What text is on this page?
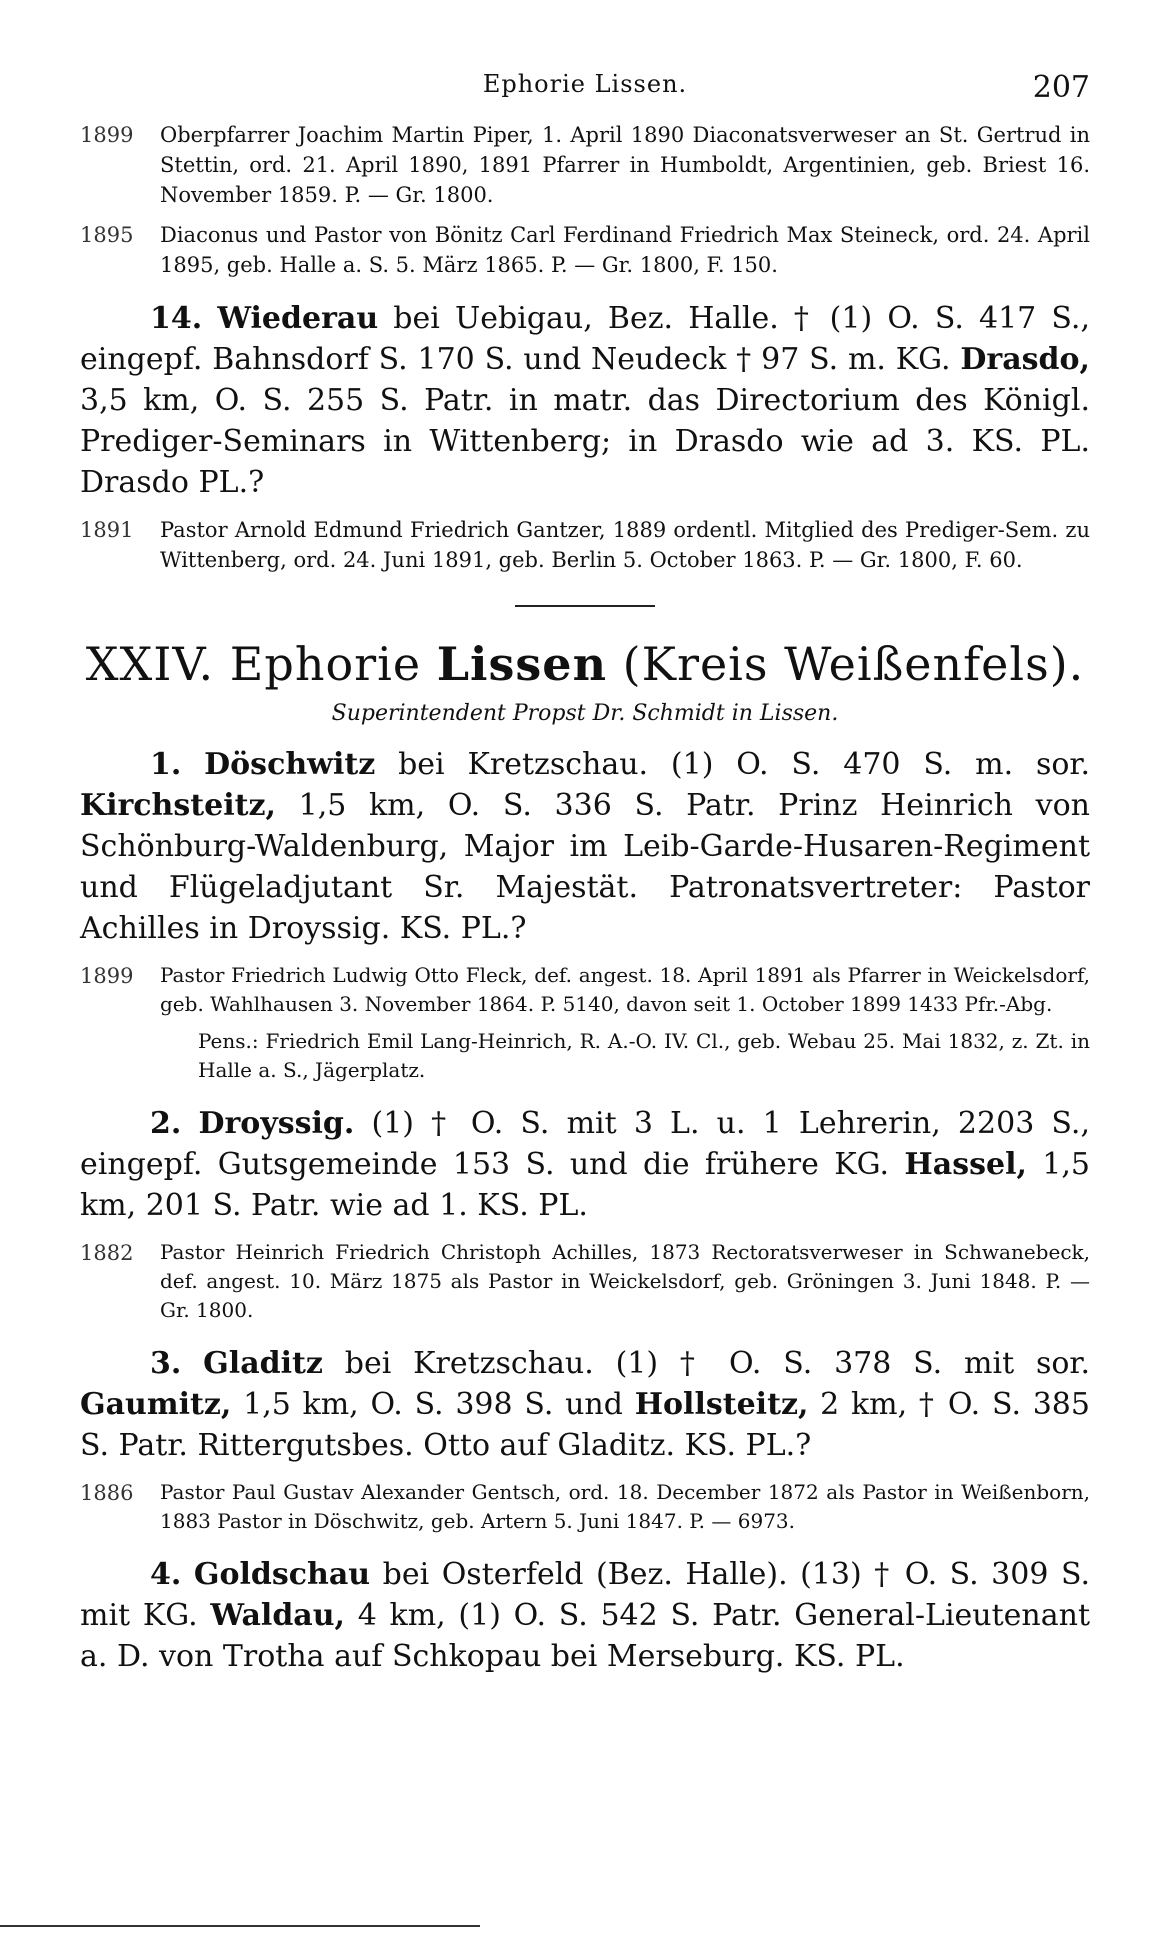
Ephorie Lissen.	207
1899	Oberpfarrer Joachim Martin Piper, 1. April 1890 Diaconatsverweser an St. Gertrud in Stettin, ord. 21. April 1890, 1891 Pfarrer in Humboldt, Argentinien, geb. Briest 16. November 1859. P. — Gr. 1800.
1895	Diaconus und Pastor von Bönitz Carl Ferdinand Friedrich Max Steineck, ord. 24. April 1895, geb. Halle a. S. 5. März 1865. P. — Gr. 1800, F. 150.
14. Wiederau bei Uebigau, Bez. Halle. † (1) O. S. 417 S., eingepf. Bahnsdorf S. 170 S. und Neudeck † 97 S. m. KG. Drasdo, 3,5 km, O. S. 255 S. Patr. in matr. das Directorium des Königl. Prediger-Seminars in Wittenberg; in Drasdo wie ad 3. KS. PL. Drasdo PL.?
1891	Pastor Arnold Edmund Friedrich Gantzer, 1889 ordentl. Mitglied des Prediger-Sem. zu Wittenberg, ord. 24. Juni 1891, geb. Berlin 5. October 1863. P. — Gr. 1800, F. 60.
XXIV. Ephorie Lissen (Kreis Weißenfels).
Superintendent Propst Dr. Schmidt in Lissen.
1. Döschwitz bei Kretzschau. (1) O. S. 470 S. m. sor. Kirchsteitz, 1,5 km, O. S. 336 S. Patr. Prinz Heinrich von Schönburg-Waldenburg, Major im Leib-Garde-Husaren-Regiment und Flügeladjutant Sr. Majestät. Patronatsvertreter: Pastor Achilles in Droyssig. KS. PL.?
1899	Pastor Friedrich Ludwig Otto Fleck, def. angest. 18. April 1891 als Pfarrer in Weickelsdorf, geb. Wahlhausen 3. November 1864. P. 5140, davon seit 1. October 1899 1433 Pfr.-Abg.
Pens.: Friedrich Emil Lang-Heinrich, R. A.-O. IV. Cl., geb. Webau 25. Mai 1832, z. Zt. in Halle a. S., Jägerplatz.
2. Droyssig. (1) † O. S. mit 3 L. u. 1 Lehrerin, 2203 S., eingepf. Gutsgemeinde 153 S. und die frühere KG. Hassel, 1,5 km, 201 S. Patr. wie ad 1. KS. PL.
1882	Pastor Heinrich Friedrich Christoph Achilles, 1873 Rectoratsverweser in Schwanebeck, def. angest. 10. März 1875 als Pastor in Weickelsdorf, geb. Gröningen 3. Juni 1848. P. — Gr. 1800.
3. Gladitz bei Kretzschau. (1) † O. S. 378 S. mit sor. Gaumitz, 1,5 km, O. S. 398 S. und Hollsteitz, 2 km, † O. S. 385 S. Patr. Rittergutsbes. Otto auf Gladitz. KS. PL.?
1886	Pastor Paul Gustav Alexander Gentsch, ord. 18. December 1872 als Pastor in Weißenborn, 1883 Pastor in Döschwitz, geb. Artern 5. Juni 1847. P. — 6973.
4. Goldschau bei Osterfeld (Bez. Halle). (13) † O. S. 309 S. mit KG. Waldau, 4 km, (1) O. S. 542 S. Patr. General-Lieutenant a. D. von Trotha auf Schkopau bei Merseburg. KS. PL.
